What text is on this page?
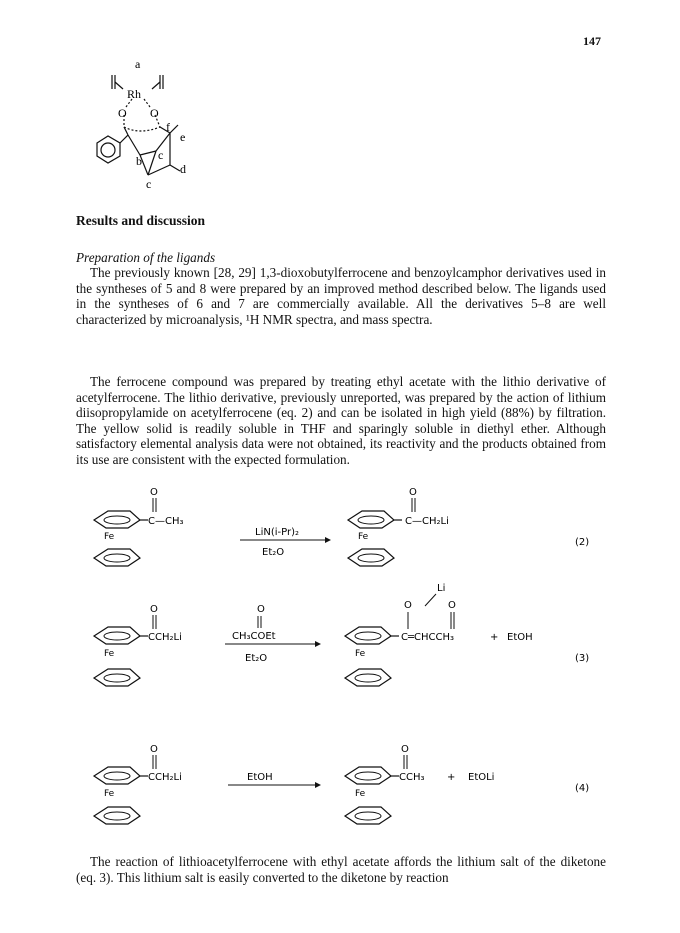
147
a
Rh
O O
f
e
b c
d
c
Results and discussion
Preparation of the ligands
The previously known [28, 29] 1,3-dioxobutylferrocene and benzoylcamphor derivatives used in the syntheses of 5 and 8 were prepared by an improved method described below. The ligands used in the syntheses of 6 and 7 are commercially available. All the derivatives 5–8 are well characterized by microanalysis, ¹H NMR spectra, and mass spectra.
The ferrocene compound was prepared by treating ethyl acetate with the lithio derivative of acetylferrocene. The lithio derivative, previously unreported, was prepared by the action of lithium diisopropylamide on acetylferrocene (eq. 2) and can be isolated in high yield (88%) by filtration. The yellow solid is readily soluble in THF and sparingly soluble in diethyl ether. Although satisfactory elemental analysis data were not obtained, its reactivity and the products obtained from its use are consistent with the expected formulation.
O
C—CH₃
Fe	LiN(i-Pr)₂
Et₂O
O
C—CH₂Li
Fe	(2)
O
CCH₂Li
Fe
O
CH₃COEt
Et₂O
Li
O	O
C═CHCCH₃	+ EtOH
Fe	(3)
O
CCH₂Li
Fe
EtOH
O
CCH₃ + EtOLi
Fe	(4)
The reaction of lithioacetylferrocene with ethyl acetate affords the lithium salt of the diketone (eq. 3). This lithium salt is easily converted to the diketone by reaction
